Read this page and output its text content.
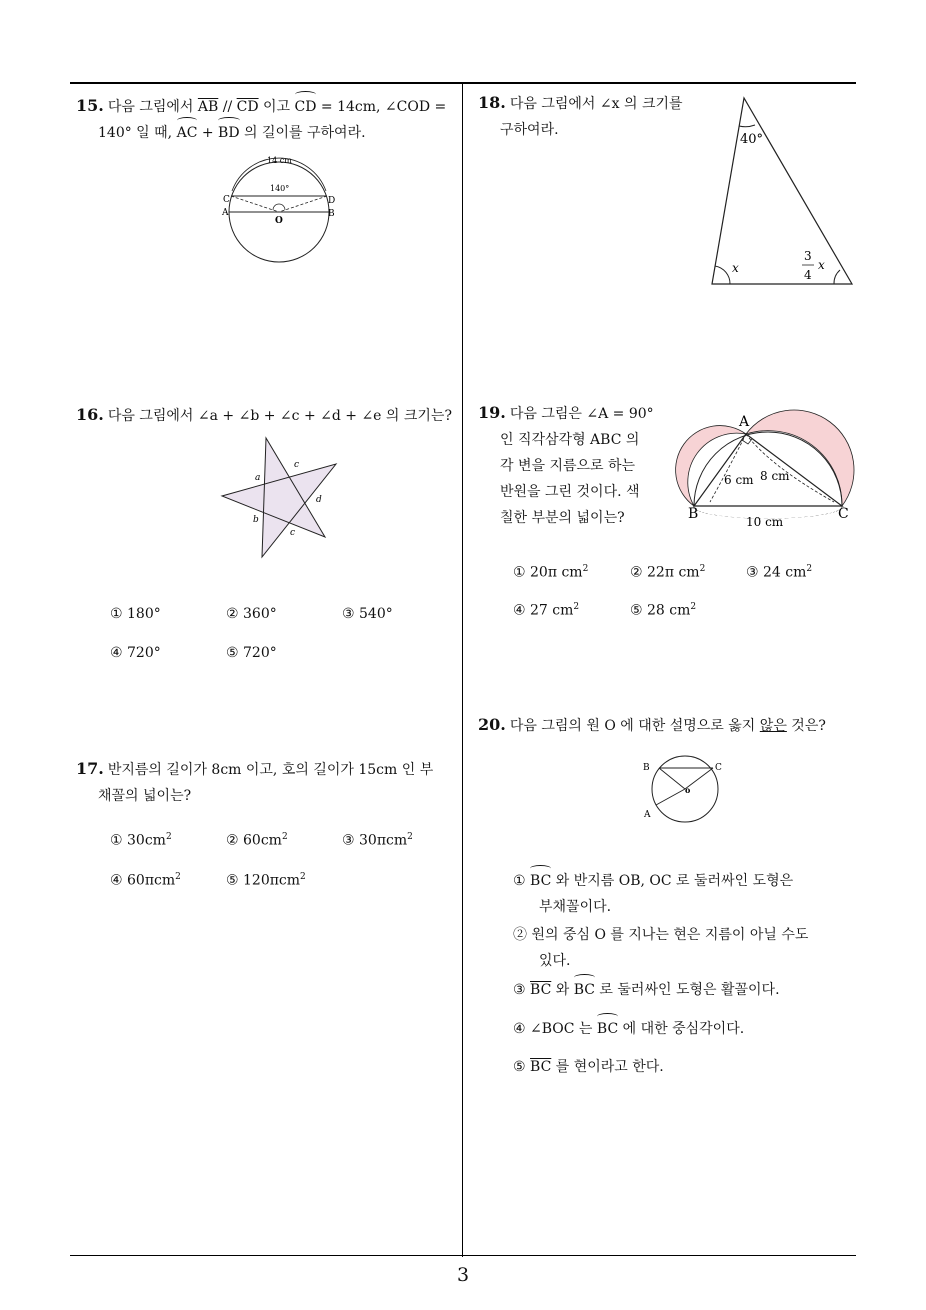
15. 다음 그림에서 $\overline{AB} // \overline{CD}$ 이고 CD = 14cm, ∠COD =
140° 일 때, AC + BD 의 길이를 구하여라.
14 cm
140°
C
A
D
B
O
16. 다음 그림에서 ∠a + ∠b + ∠c + ∠d + ∠e 의 크기는?
a
c
d
b
c
① 180°	② 360°	③ 540°
④ 720°	⑤ 720°
17. 반지름의 길이가 8cm 이고, 호의 길이가 15cm 인 부
채꼴의 넓이는?
① $30cm^2$	② $60cm^2$	③ 30πcm$^2$
④ 60πcm$^2$	⑤ 120πcm$^2$
18. 다음 그림에서 ∠x 의 크기를
구하여라.
40°
x
3
4
x
19. 다음 그림은 ∠A = 90°
인 직각삼각형 ABC 의
각 변을 지름으로 하는
반원을 그린 것이다. 색
칠한 부분의 넓이는?
A
B	C
6 cm 8 cm
10 cm
① 20π $cm^2$	② 22π $cm^2$	③ 24 $cm^2$
④ 27 $cm^2$	⑤ 28 $cm^2$
20. 다음 그림의 원 O 에 대한 설명으로 옳지 않은 것은?
B	C
o
A
① BC 와 반지름 OB, OC 로 둘러싸인 도형은
부채꼴이다.
② 원의 중심 O 를 지나는 현은 지름이 아닐 수도
있다.
③ $\overline{BC}$ 와 BC 로 둘러싸인 도형은 활꼴이다.
④ ∠BOC 는 BC 에 대한 중심각이다.
⑤ $\overline{BC}$ 를 현이라고 한다.
3
